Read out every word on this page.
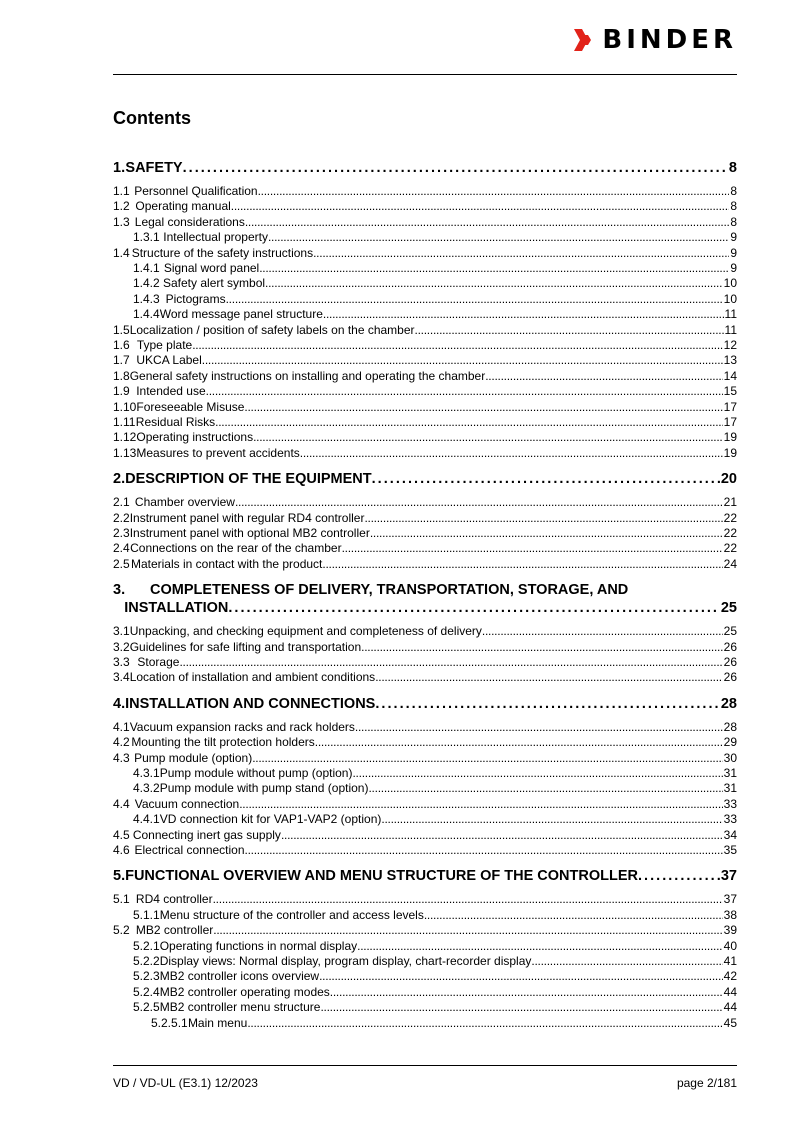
BINDER
Contents
1. SAFETY . . .	8
1.1 Personnel Qualification . . .	8
1.2 Operating manual . . .	8
1.3 Legal considerations . . .	8
1.3.1 Intellectual property . . .	9
1.4 Structure of the safety instructions . . .	9
1.4.1 Signal word panel . . .	9
1.4.2 Safety alert symbol . . .	10
1.4.3 Pictograms . . .	10
1.4.4 Word message panel structure . . .	11
1.5 Localization / position of safety labels on the chamber . . .	11
1.6 Type plate . . .	12
1.7 UKCA Label . . .	13
1.8 General safety instructions on installing and operating the chamber . . .	14
1.9 Intended use . . .	15
1.10 Foreseeable Misuse . . .	17
1.11 Residual Risks . . .	17
1.12 Operating instructions . . .	19
1.13 Measures to prevent accidents . . .	19
2. DESCRIPTION OF THE EQUIPMENT . . .	20
2.1 Chamber overview . . .	21
2.2 Instrument panel with regular RD4 controller . . .	22
2.3 Instrument panel with optional MB2 controller . . .	22
2.4 Connections on the rear of the chamber . . .	22
2.5 Materials in contact with the product . . .	24
3.	COMPLETENESS OF DELIVERY, TRANSPORTATION, STORAGE, AND
INSTALLATION . . .	25
3.1 Unpacking, and checking equipment and completeness of delivery . . .	25
3.2 Guidelines for safe lifting and transportation . . .	26
3.3 Storage . . .	26
3.4 Location of installation and ambient conditions . . .	26
4. INSTALLATION AND CONNECTIONS . . .	28
4.1 Vacuum expansion racks and rack holders . . .	28
4.2 Mounting the tilt protection holders . . .	29
4.3 Pump module (option) . . .	30
4.3.1 Pump module without pump (option) . . .	31
4.3.2 Pump module with pump stand (option) . . .	31
4.4 Vacuum connection . . .	33
4.4.1 VD connection kit for VAP1-VAP2 (option) . . .	33
4.5 Connecting inert gas supply . . .	34
4.6 Electrical connection . . .	35
5. FUNCTIONAL OVERVIEW AND MENU STRUCTURE OF THE CONTROLLER . . .	37
5.1 RD4 controller . . .	37
5.1.1 Menu structure of the controller and access levels . . .	38
5.2 MB2 controller . . .	39
5.2.1 Operating functions in normal display . . .	40
5.2.2 Display views: Normal display, program display, chart-recorder display . . .	41
5.2.3 MB2 controller icons overview . . .	42
5.2.4 MB2 controller operating modes . . .	44
5.2.5 MB2 controller menu structure . . .	44
5.2.5.1 Main menu . . .	45
VD / VD-UL (E3.1) 12/2023	page 2/181
